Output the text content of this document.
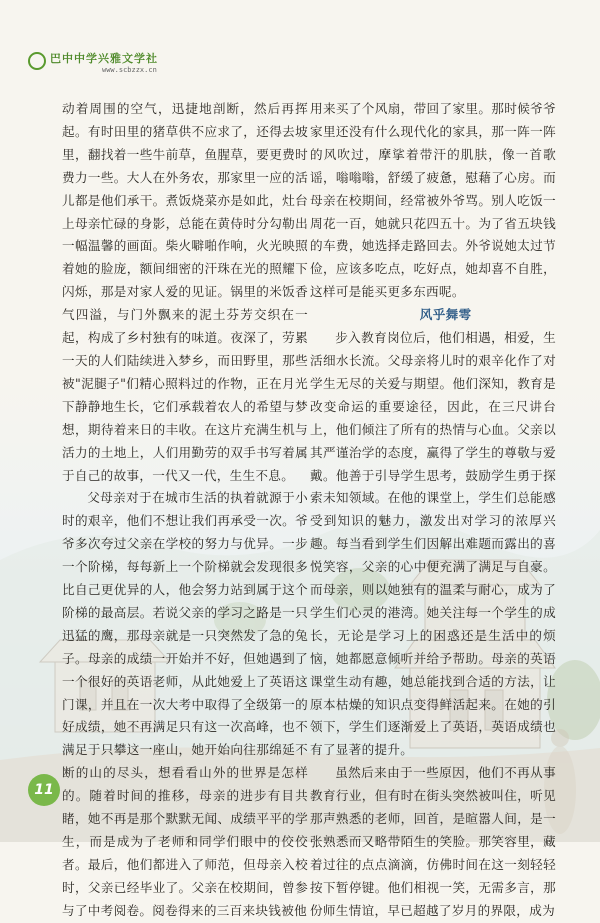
巴中中学兴雅文学社
www.scbzzx.cn

动着周围的空气，迅捷地剖断，然后再挥起。有时田里的猪草供不应求了，还得去坡里，翻找着一些牛前草，鱼腥草，要更费时费力一些。大人在外务农，那家里一应的活儿都是他们承干。煮饭烧菜亦是如此，灶台上母亲忙碌的身影，总能在黄侍时分勾勒出一幅温馨的画面。柴火噼啪作响，火光映照着她的脸庞，额间细密的汗珠在光的照耀下闪烁，那是对家人爱的见证。锅里的米饭香气四溢，与门外飘来的泥土芬芳交织在一起，构成了乡村独有的味道。夜深了，劳累一天的人们陆续进入梦乡，而田野里，那些被"泥腿子"们精心照料过的作物，正在月光下静静地生长，它们承载着农人的希望与梦想，期待着来日的丰收。在这片充满生机与活力的土地上，人们用勤劳的双手书写着属于自己的故事，一代又一代，生生不息。

父母亲对于在城市生活的执着就源于小时的艰辛，他们不想让我们再承受一次。爷爷多次夸过父亲在学校的努力与优异。一步一个阶梯，每每新上一个阶梯就会发现很多比自己更优异的人，他会努力站到属于这个阶梯的最高层。若说父亲的学习之路是一只迅猛的鹰，那母亲就是一只突然发了急的兔子。母亲的成绩一开始并不好，但她遇到了一个很好的英语老师，从此她爱上了英语这门课，并且在一次大考中取得了全级第一的好成绩，她不再满足只有这一次高峰，也不满足于只攀这一座山，她开始向往那绵延不断的山的尽头，想看看山外的世界是怎样的。随着时间的推移，母亲的进步有目共睹，她不再是那个默默无闻、成绩平平的学生，而是成为了老师和同学们眼中的佼佼者。最后，他们都进入了师范，但母亲入校时，父亲已经毕业了。父亲在校期间，曾参与了中考阅卷。阅卷得来的三百来块钱被他

用来买了个风扇，带回了家里。那时候爷爷家里还没有什么现代化的家具，那一阵一阵的风吹过，摩挲着带汗的肌肤，像一首歌谣，嗡嗡嗡，舒缓了疲惫，慰藉了心房。而母亲在校期间，经常被外爷骂。别人吃饭一周花一百，她就只花四五十。为了省五块钱的车费，她选择走路回去。外爷说她太过节俭，应该多吃点，吃好点，她却喜不自胜，这样可是能买更多东西呢。

风乎舞雩

步入教育岗位后，他们相遇，相爱，生活细水长流。父母亲将儿时的艰辛化作了对学生无尽的关爱与期望。他们深知，教育是改变命运的重要途径，因此，在三尺讲台上，他们倾注了所有的热情与心血。父亲以其严谨治学的态度，赢得了学生的尊敬与爱戴。他善于引导学生思考，鼓励学生勇于探索未知领域。在他的课堂上，学生们总能感受到知识的魅力，激发出对学习的浓厚兴趣。每当看到学生们因解出难题而露出的喜悦笑容，父亲的心中便充满了满足与自豪。而母亲，则以她独有的温柔与耐心，成为了学生们心灵的港湾。她关注每一个学生的成长，无论是学习上的困惑还是生活中的烦恼，她都愿意倾听并给予帮助。母亲的英语课堂生动有趣，她总能找到合适的方法，让原本枯燥的知识点变得鲜活起来。在她的引领下，学生们逐渐爱上了英语，英语成绩也有了显著的提升。

虽然后来由于一些原因，他们不再从事教育行业，但有时在街头突然被叫住，听见那声熟悉的老师，回首，是暄嚣人间，是一张熟悉而又略带陌生的笑脸。那笑容里，藏着过往的点点滴滴，仿佛时间在这一刻轻轻按下暂停键。他们相视一笑，无需多言，那份师生情谊，早已超越了岁月的界限，成为

11
